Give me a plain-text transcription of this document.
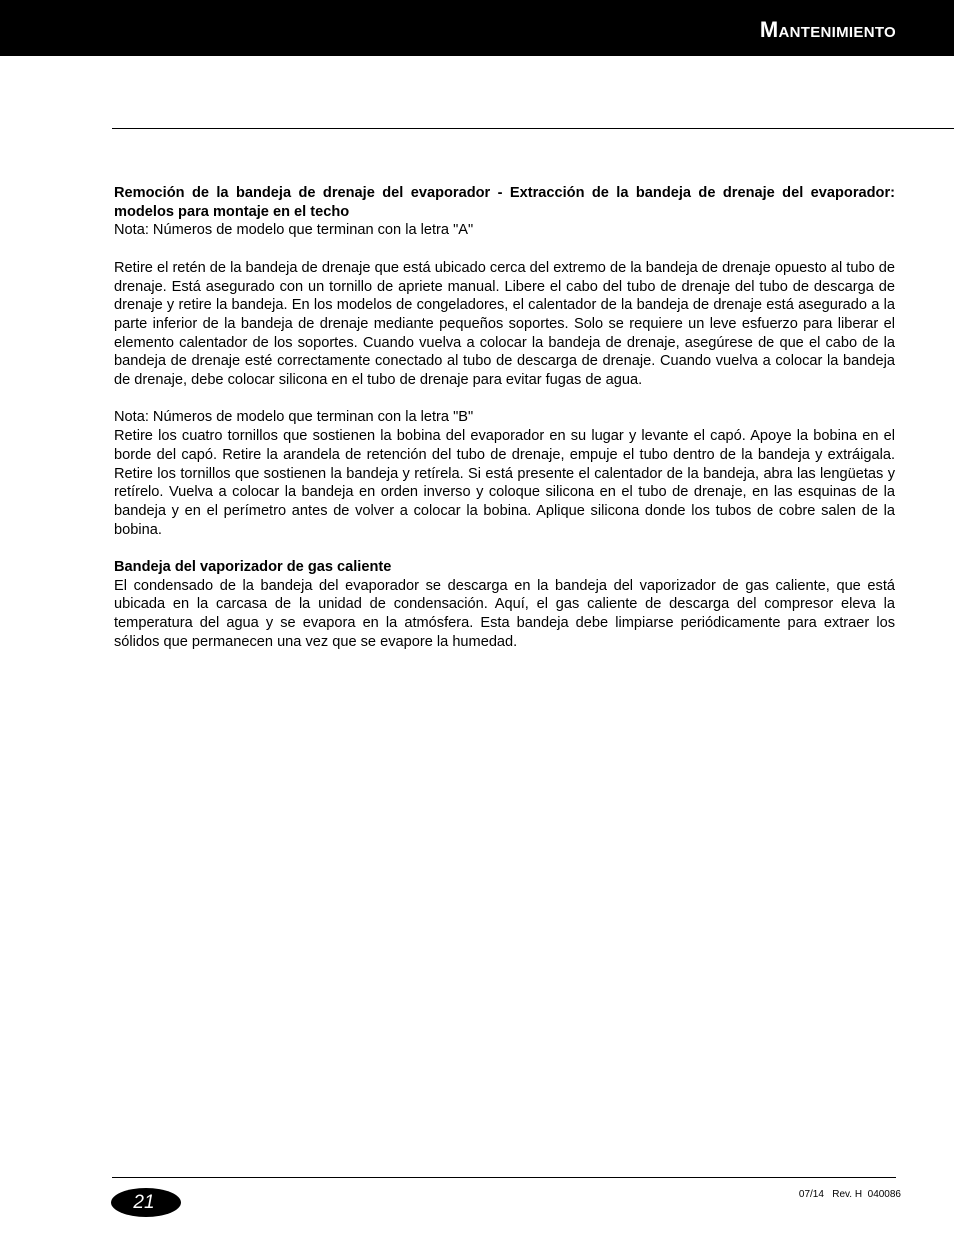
Mantenimiento

Remoción de la bandeja de drenaje del evaporador - Extracción de la bandeja de drenaje del evaporador: modelos para montaje en el techo

Nota: Números de modelo que terminan con la letra "A"

Retire el retén de la bandeja de drenaje que está ubicado cerca del extremo de la bandeja de drenaje opuesto al tubo de drenaje. Está asegurado con un tornillo de apriete manual. Libere el cabo del tubo de drenaje del tubo de descarga de drenaje y retire la bandeja. En los modelos de congeladores, el calentador de la bandeja de drenaje está asegurado a la parte inferior de la bandeja de drenaje mediante pequeños soportes. Solo se requiere un leve esfuerzo para liberar el elemento calentador de los soportes. Cuando vuelva a colocar la bandeja de drenaje, asegúrese de que el cabo de la bandeja de drenaje esté correctamente conectado al tubo de descarga de drenaje. Cuando vuelva a colocar la bandeja de drenaje, debe colocar silicona en el tubo de drenaje para evitar fugas de agua.

Nota: Números de modelo que terminan con la letra "B"

Retire los cuatro tornillos que sostienen la bobina del evaporador en su lugar y levante el capó. Apoye la bobina en el borde del capó. Retire la arandela de retención del tubo de drenaje, empuje el tubo dentro de la bandeja y extráigala. Retire los tornillos que sostienen la bandeja y retírela. Si está presente el calentador de la bandeja, abra las lengüetas y retírelo. Vuelva a colocar la bandeja en orden inverso y coloque silicona en el tubo de drenaje, en las esquinas de la bandeja y en el perímetro antes de volver a colocar la bobina. Aplique silicona donde los tubos de cobre salen de la bobina.

Bandeja del vaporizador de gas caliente

El condensado de la bandeja del evaporador se descarga en la bandeja del vaporizador de gas caliente, que está ubicada en la carcasa de la unidad de condensación. Aquí, el gas caliente de descarga del compresor eleva la temperatura del agua y se evapora en la atmósfera. Esta bandeja debe limpiarse periódicamente para extraer los sólidos que permanecen una vez que se evapore la humedad.

21	07/14   Rev. H  040086
